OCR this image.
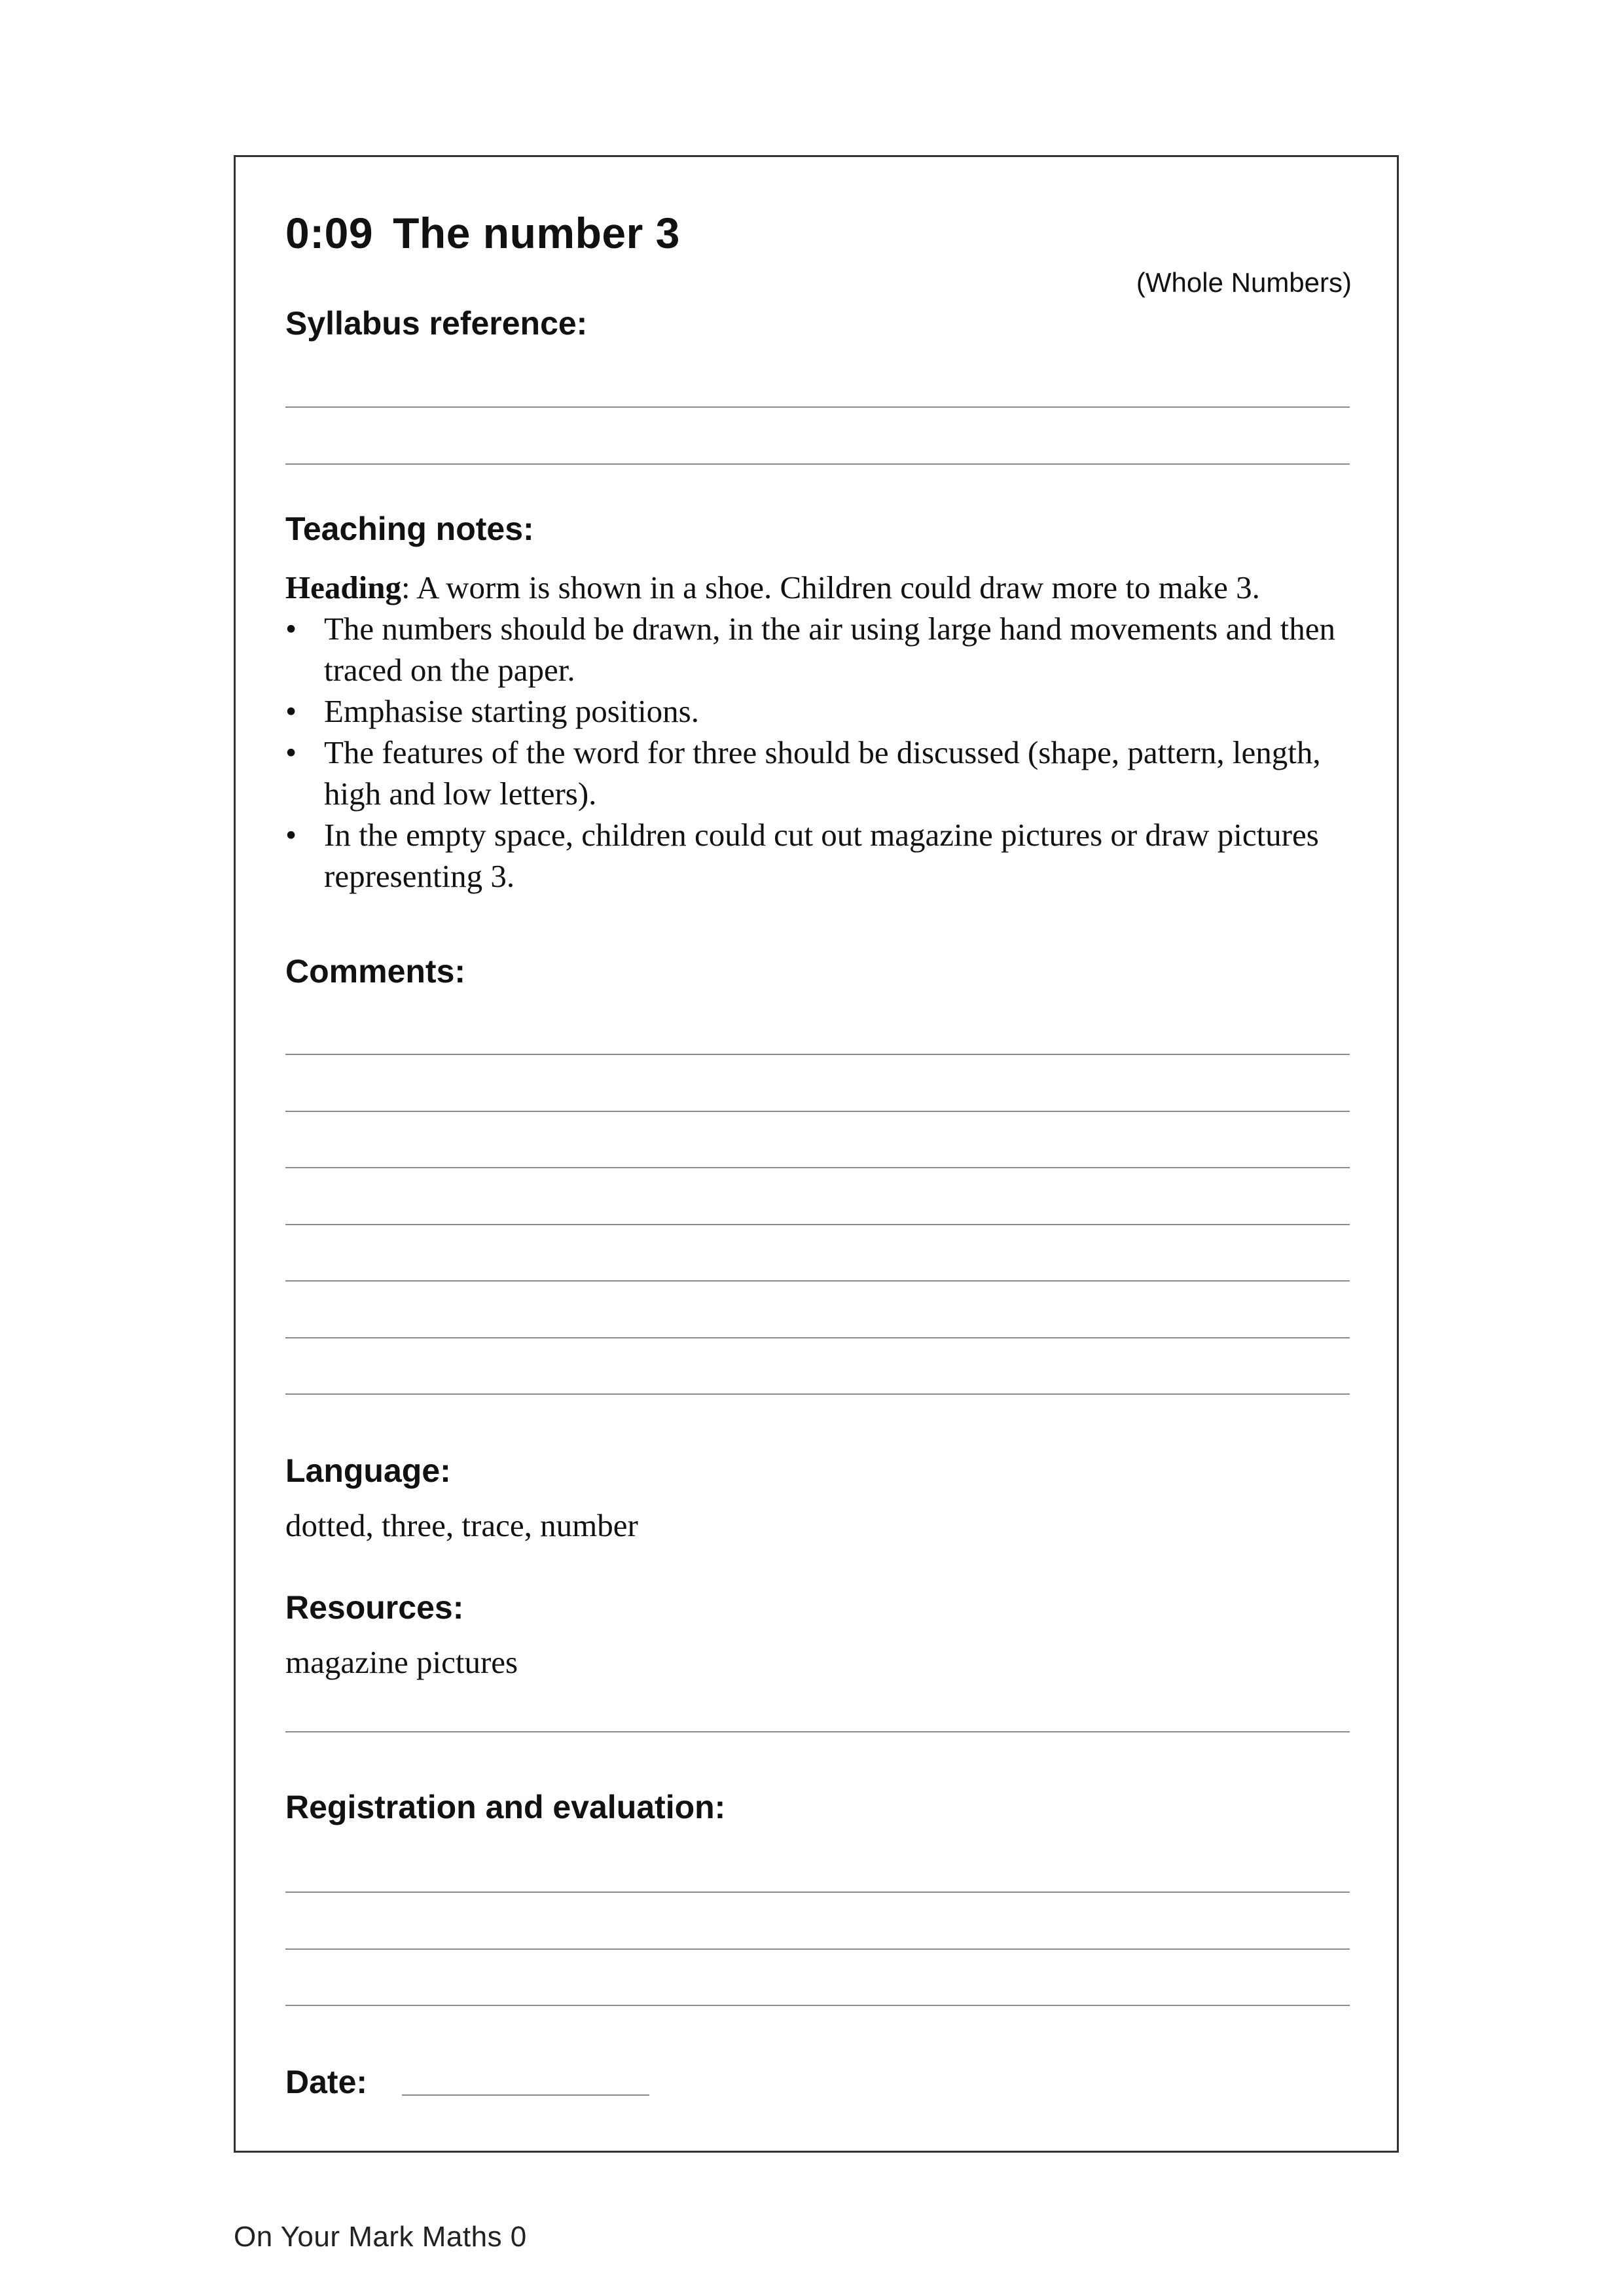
0:09 The number 3
(Whole Numbers)
Syllabus reference:
Teaching notes:
Heading: A worm is shown in a shoe. Children could draw more to make 3.
• The numbers should be drawn, in the air using large hand movements and then traced on the paper.
• Emphasise starting positions.
• The features of the word for three should be discussed (shape, pattern, length, high and low letters).
• In the empty space, children could cut out magazine pictures or draw pictures representing 3.
Comments:
Language:
dotted, three, trace, number
Resources:
magazine pictures
Registration and evaluation:
Date:
On Your Mark Maths 0
